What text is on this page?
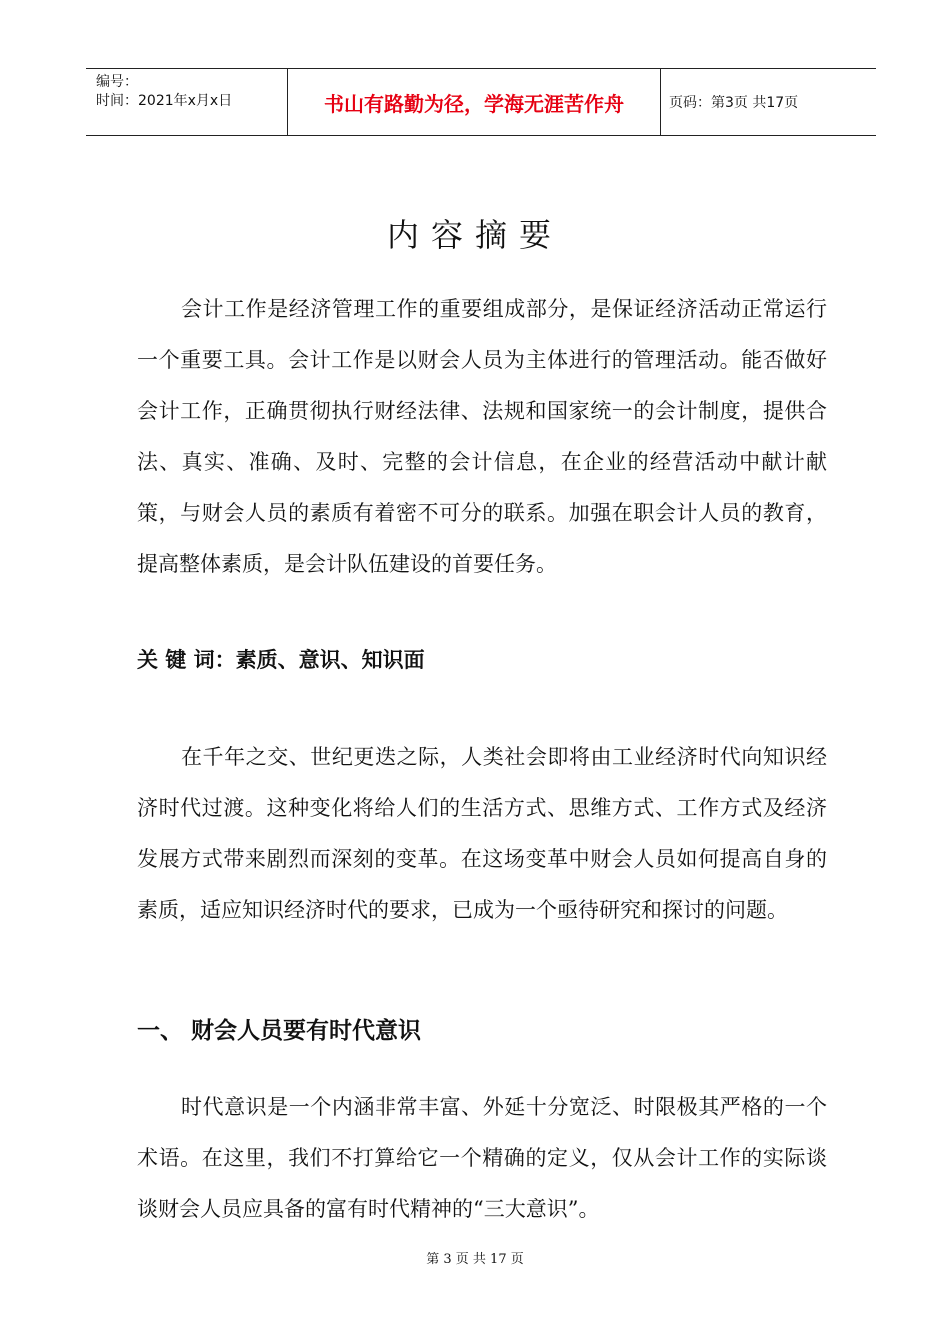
编号：
时间：2021年x月x日	书山有路勤为径，学海无涯苦作舟	页码：第3页 共17页
内容摘要

会计工作是经济管理工作的重要组成部分，是保证经济活动正常运行一个重要工具。会计工作是以财会人员为主体进行的管理活动。能否做好会计工作，正确贯彻执行财经法律、法规和国家统一的会计制度，提供合法、真实、准确、及时、完整的会计信息，在企业的经营活动中献计献策，与财会人员的素质有着密不可分的联系。加强在职会计人员的教育，提高整体素质，是会计队伍建设的首要任务。

关 键 词：素质、意识、知识面

在千年之交、世纪更迭之际，人类社会即将由工业经济时代向知识经济时代过渡。这种变化将给人们的生活方式、思维方式、工作方式及经济发展方式带来剧烈而深刻的变革。在这场变革中财会人员如何提高自身的素质，适应知识经济时代的要求，已成为一个亟待研究和探讨的问题。

一、 财会人员要有时代意识

时代意识是一个内涵非常丰富、外延十分宽泛、时限极其严格的一个术语。在这里，我们不打算给它一个精确的定义，仅从会计工作的实际谈谈财会人员应具备的富有时代精神的“三大意识”。

第 3 页 共 17 页
